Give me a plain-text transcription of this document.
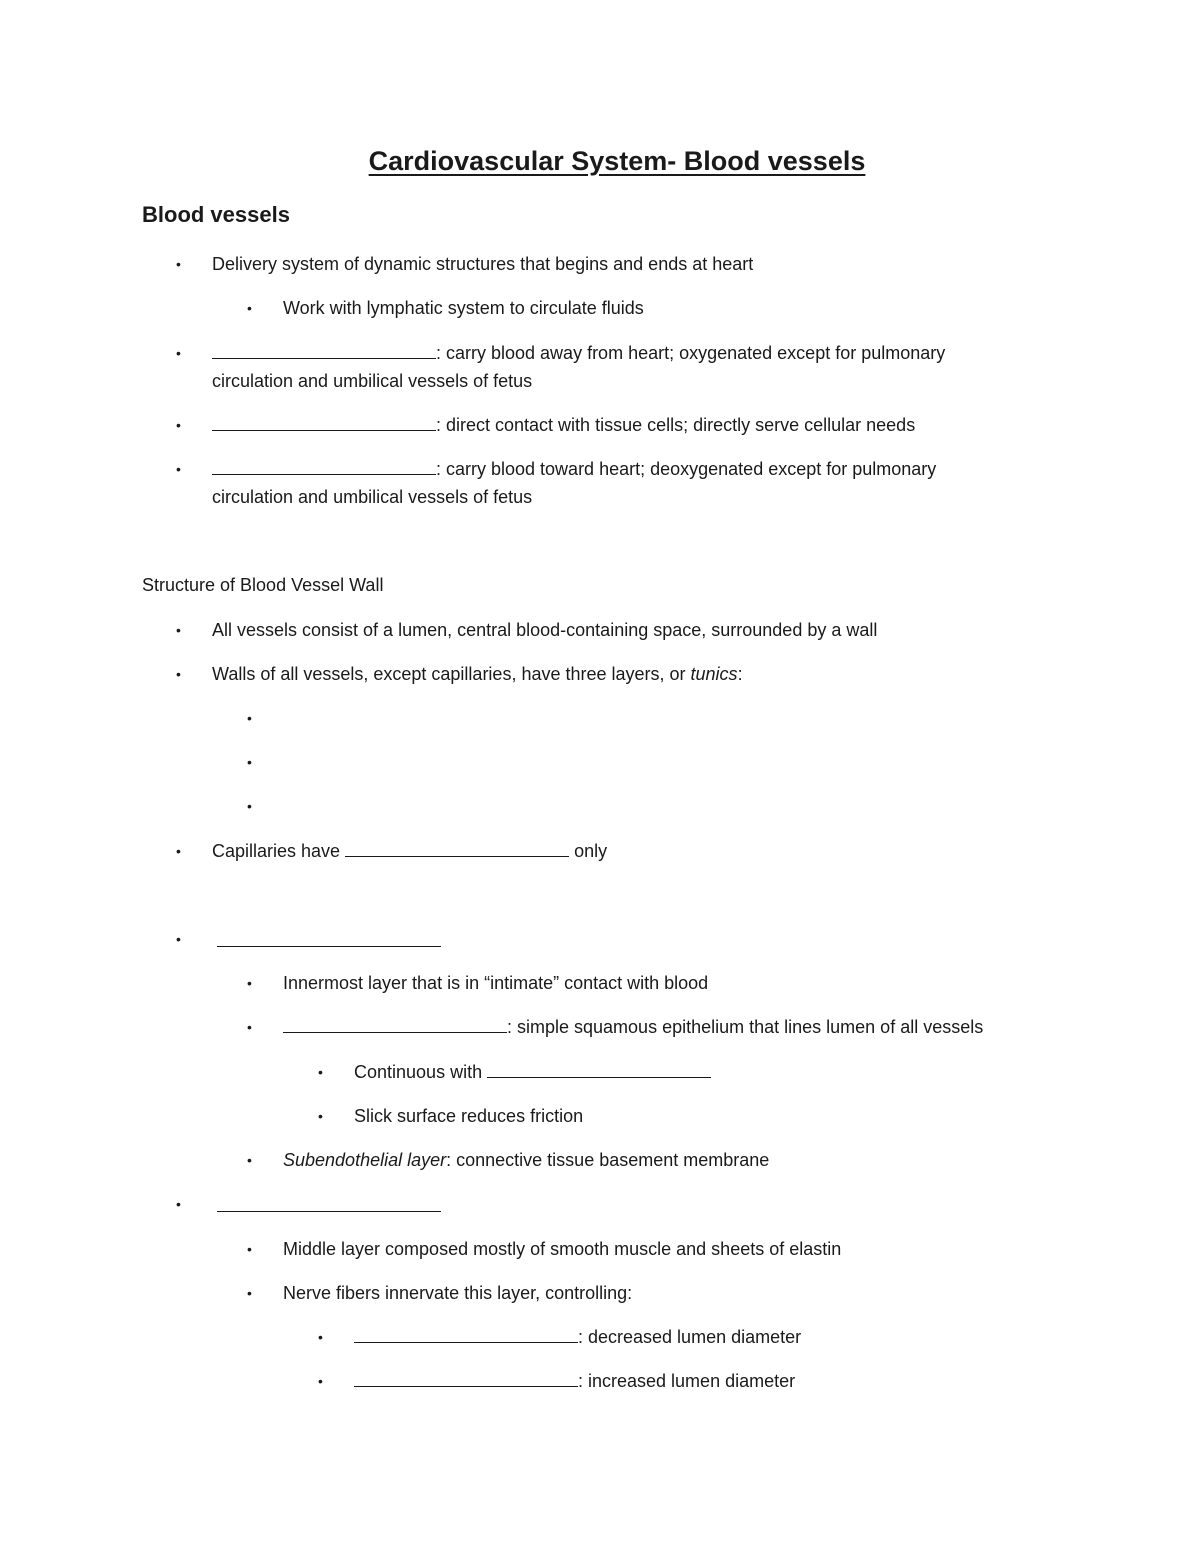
Cardiovascular System- Blood vessels
Blood vessels
• Delivery system of dynamic structures that begins and ends at heart
• Work with lymphatic system to circulate fluids
•	: carry blood away from heart; oxygenated except for pulmonary
circulation and umbilical vessels of fetus
•	: direct contact with tissue cells; directly serve cellular needs
•	: carry blood toward heart; deoxygenated except for pulmonary
circulation and umbilical vessels of fetus
Structure of Blood Vessel Wall
• All vessels consist of a lumen, central blood-containing space, surrounded by a wall
• Walls of all vessels, except capillaries, have three layers, or tunics:
•
•
•
• Capillaries have	only
•
• Innermost layer that is in “intimate” contact with blood
•	: simple squamous epithelium that lines lumen of all vessels
• Continuous with
• Slick surface reduces friction
• Subendothelial layer: connective tissue basement membrane
•
• Middle layer composed mostly of smooth muscle and sheets of elastin
• Nerve fibers innervate this layer, controlling:
•	: decreased lumen diameter
•	: increased lumen diameter
